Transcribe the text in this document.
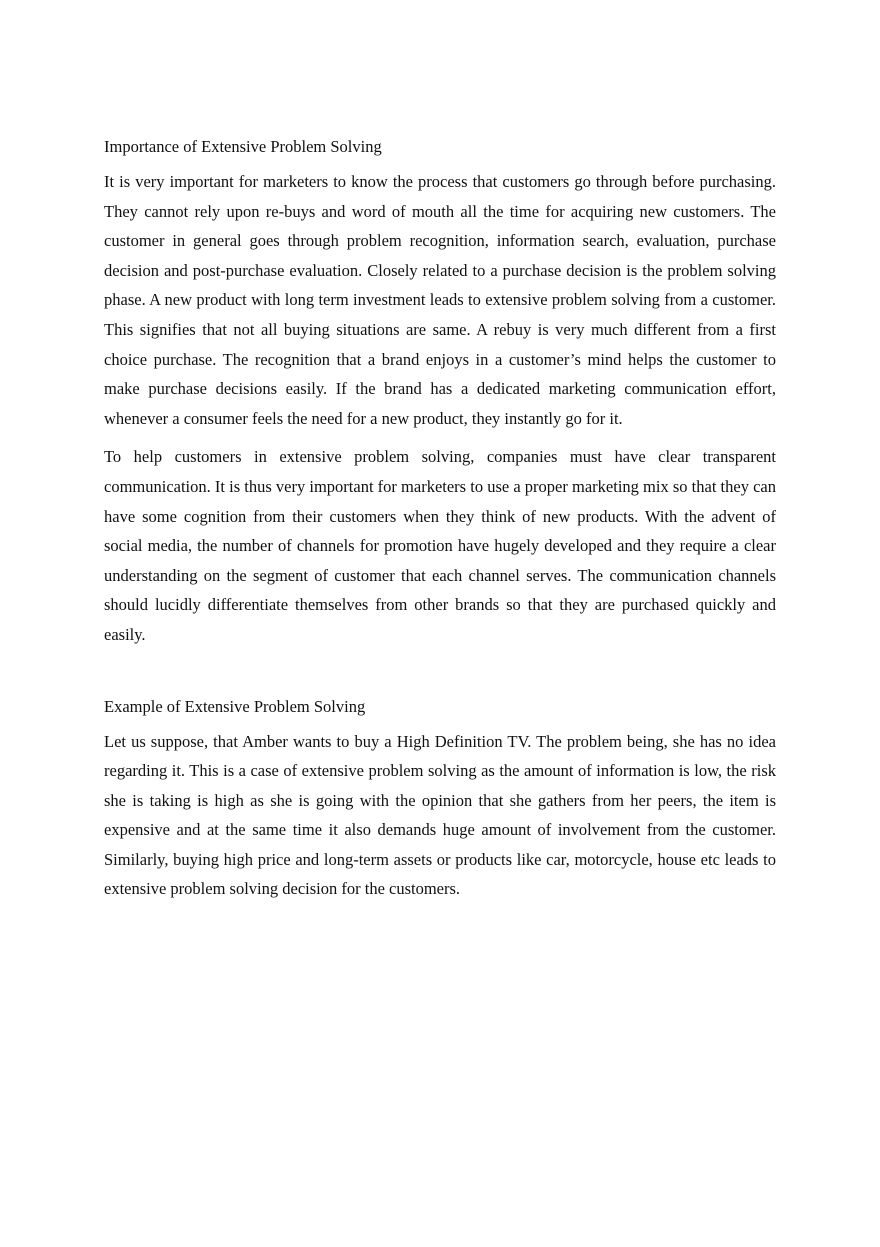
Importance of Extensive Problem Solving

It is very important for marketers to know the process that customers go through before purchasing. They cannot rely upon re-buys and word of mouth all the time for acquiring new customers. The customer in general goes through problem recognition, information search, evaluation, purchase decision and post-purchase evaluation. Closely related to a purchase decision is the problem solving phase. A new product with long term investment leads to extensive problem solving from a customer. This signifies that not all buying situations are same. A rebuy is very much different from a first choice purchase. The recognition that a brand enjoys in a customer’s mind helps the customer to make purchase decisions easily. If the brand has a dedicated marketing communication effort, whenever a consumer feels the need for a new product, they instantly go for it.

To help customers in extensive problem solving, companies must have clear transparent communication. It is thus very important for marketers to use a proper marketing mix so that they can have some cognition from their customers when they think of new products. With the advent of social media, the number of channels for promotion have hugely developed and they require a clear understanding on the segment of customer that each channel serves. The communication channels should lucidly differentiate themselves from other brands so that they are purchased quickly and easily.

Example of Extensive Problem Solving

Let us suppose, that Amber wants to buy a High Definition TV. The problem being, she has no idea regarding it. This is a case of extensive problem solving as the amount of information is low, the risk she is taking is high as she is going with the opinion that she gathers from her peers, the item is expensive and at the same time it also demands huge amount of involvement from the customer. Similarly, buying high price and long-term assets or products like car, motorcycle, house etc leads to extensive problem solving decision for the customers.
